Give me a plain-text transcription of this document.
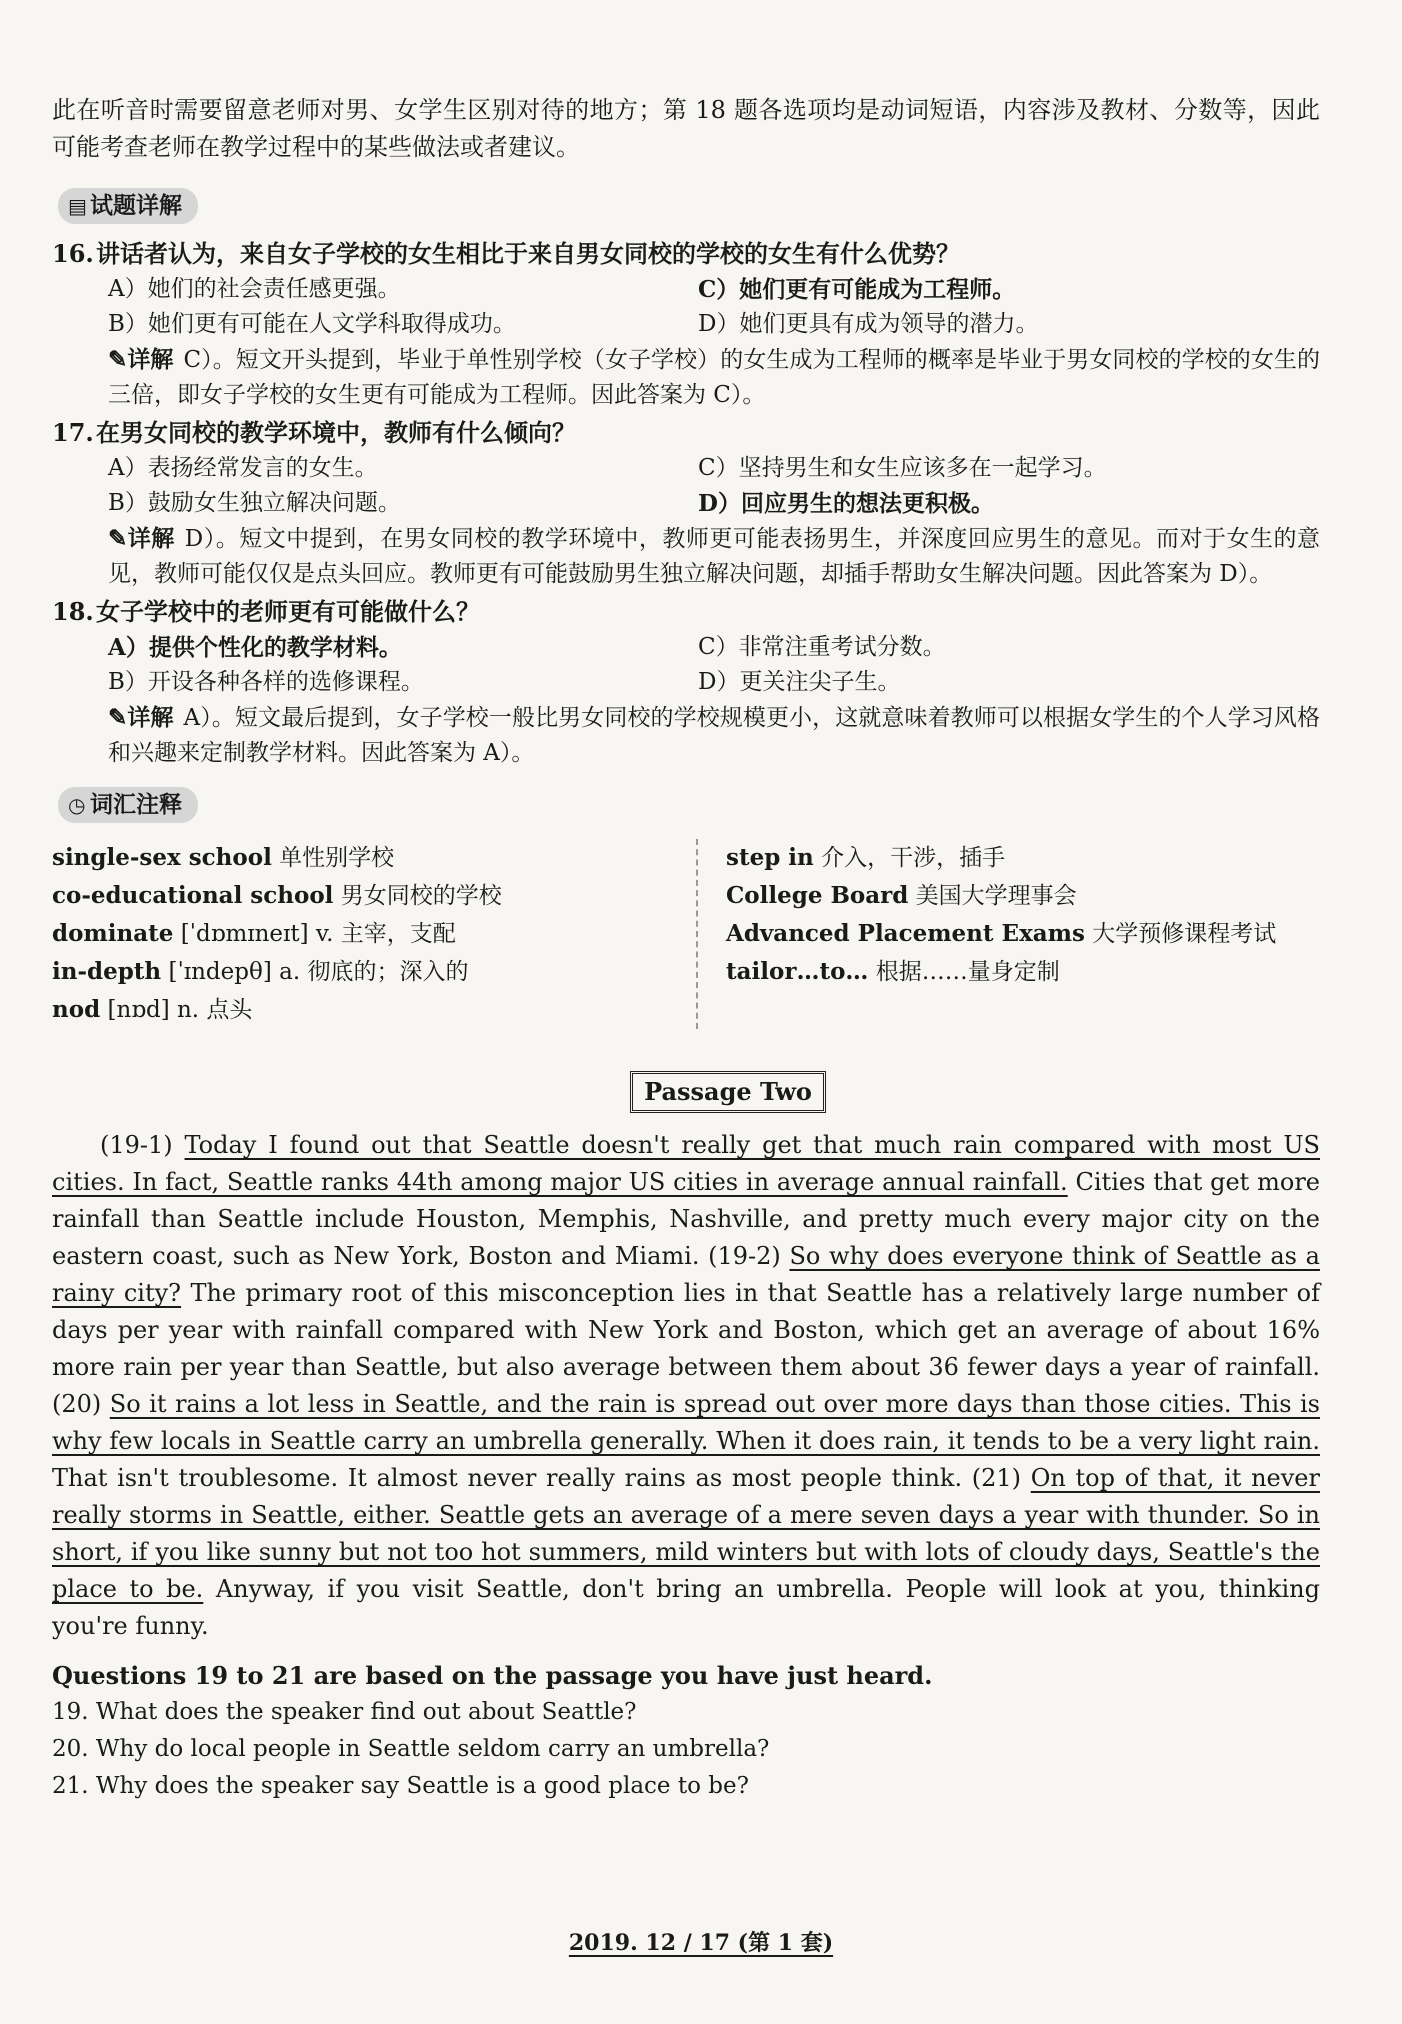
此在听音时需要留意老师对男、女学生区别对待的地方；第 18 题各选项均是动词短语，内容涉及教材、分数等，因此可能考查老师在教学过程中的某些做法或者建议。

▤ 试题详解
16.讲话者认为，来自女子学校的女生相比于来自男女同校的学校的女生有什么优势？
A）她们的社会责任感更强。	C）她们更有可能成为工程师。
B）她们更有可能在人文学科取得成功。	D）她们更具有成为领导的潜力。
✎详解 C）。短文开头提到，毕业于单性别学校（女子学校）的女生成为工程师的概率是毕业于男女同校的学校的女生的三倍，即女子学校的女生更有可能成为工程师。因此答案为 C）。
17.在男女同校的教学环境中，教师有什么倾向？
A）表扬经常发言的女生。	C）坚持男生和女生应该多在一起学习。
B）鼓励女生独立解决问题。	D）回应男生的想法更积极。
✎详解 D）。短文中提到，在男女同校的教学环境中，教师更可能表扬男生，并深度回应男生的意见。而对于女生的意见，教师可能仅仅是点头回应。教师更有可能鼓励男生独立解决问题，却插手帮助女生解决问题。因此答案为 D）。
18.女子学校中的老师更有可能做什么？
A）提供个性化的教学材料。	C）非常注重考试分数。
B）开设各种各样的选修课程。	D）更关注尖子生。
✎详解 A）。短文最后提到，女子学校一般比男女同校的学校规模更小，这就意味着教师可以根据女学生的个人学习风格和兴趣来定制教学材料。因此答案为 A）。
◷ 词汇注释
single-sex school 单性别学校
co-educational school 男女同校的学校
dominate [ˈdɒmɪneɪt] v. 主宰，支配
in-depth [ˈɪndepθ] a. 彻底的；深入的
nod [nɒd] n. 点头
step in 介入，干涉，插手
College Board 美国大学理事会
Advanced Placement Exams 大学预修课程考试
tailor…to… 根据……量身定制
Passage Two

(19-1) Today I found out that Seattle doesn't really get that much rain compared with most US cities. In fact, Seattle ranks 44th among major US cities in average annual rainfall. Cities that get more rainfall than Seattle include Houston, Memphis, Nashville, and pretty much every major city on the eastern coast, such as New York, Boston and Miami. (19-2) So why does everyone think of Seattle as a rainy city? The primary root of this misconception lies in that Seattle has a relatively large number of days per year with rainfall compared with New York and Boston, which get an average of about 16% more rain per year than Seattle, but also average between them about 36 fewer days a year of rainfall. (20) So it rains a lot less in Seattle, and the rain is spread out over more days than those cities. This is why few locals in Seattle carry an umbrella generally. When it does rain, it tends to be a very light rain. That isn't troublesome. It almost never really rains as most people think. (21) On top of that, it never really storms in Seattle, either. Seattle gets an average of a mere seven days a year with thunder. So in short, if you like sunny but not too hot summers, mild winters but with lots of cloudy days, Seattle's the place to be. Anyway, if you visit Seattle, don't bring an umbrella. People will look at you, thinking you're funny.

Questions 19 to 21 are based on the passage you have just heard.
19. What does the speaker find out about Seattle?
20. Why do local people in Seattle seldom carry an umbrella?
21. Why does the speaker say Seattle is a good place to be?
2019. 12 / 17 (第 1 套)
